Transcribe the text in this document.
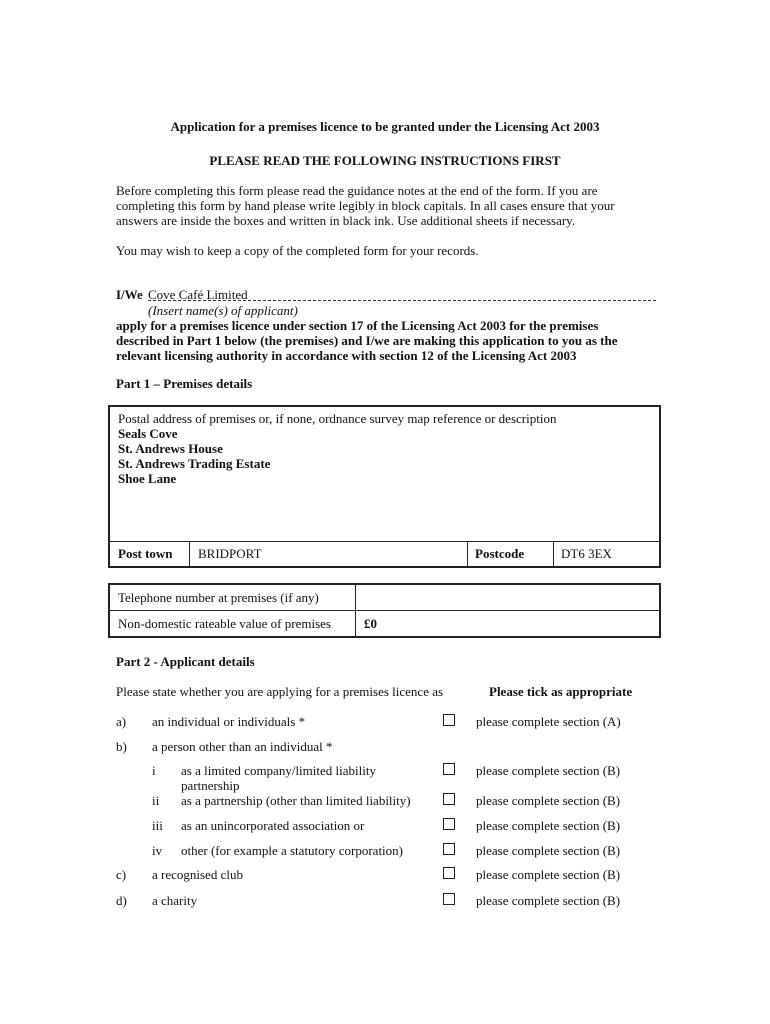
Application for a premises licence to be granted under the Licensing Act 2003
PLEASE READ THE FOLLOWING INSTRUCTIONS FIRST
Before completing this form please read the guidance notes at the end of the form. If you are
completing this form by hand please write legibly in block capitals. In all cases ensure that your
answers are inside the boxes and written in black ink. Use additional sheets if necessary.
You may wish to keep a copy of the completed form for your records.
I/We Cove Café Limited
(Insert name(s) of applicant)
apply for a premises licence under section 17 of the Licensing Act 2003 for the premises
described in Part 1 below (the premises) and I/we are making this application to you as the
relevant licensing authority in accordance with section 12 of the Licensing Act 2003
Part 1 – Premises details
Postal address of premises or, if none, ordnance survey map reference or description
Seals Cove
St. Andrews House
St. Andrews Trading Estate
Shoe Lane
Post town	BRIDPORT	Postcode	DT6 3EX
Telephone number at premises (if any)
Non-domestic rateable value of premises	£0
Part 2 - Applicant details
Please state whether you are applying for a premises licence as	Please tick as appropriate
a) an individual or individuals *	please complete section (A)
b) a person other than an individual *
i as a limited company/limited liability
partnership
please complete section (B)
ii as a partnership (other than limited liability)	please complete section (B)
iii as an unincorporated association or	please complete section (B)
iv other (for example a statutory corporation)	please complete section (B)
c) a recognised club	please complete section (B)
d) a charity	please complete section (B)
